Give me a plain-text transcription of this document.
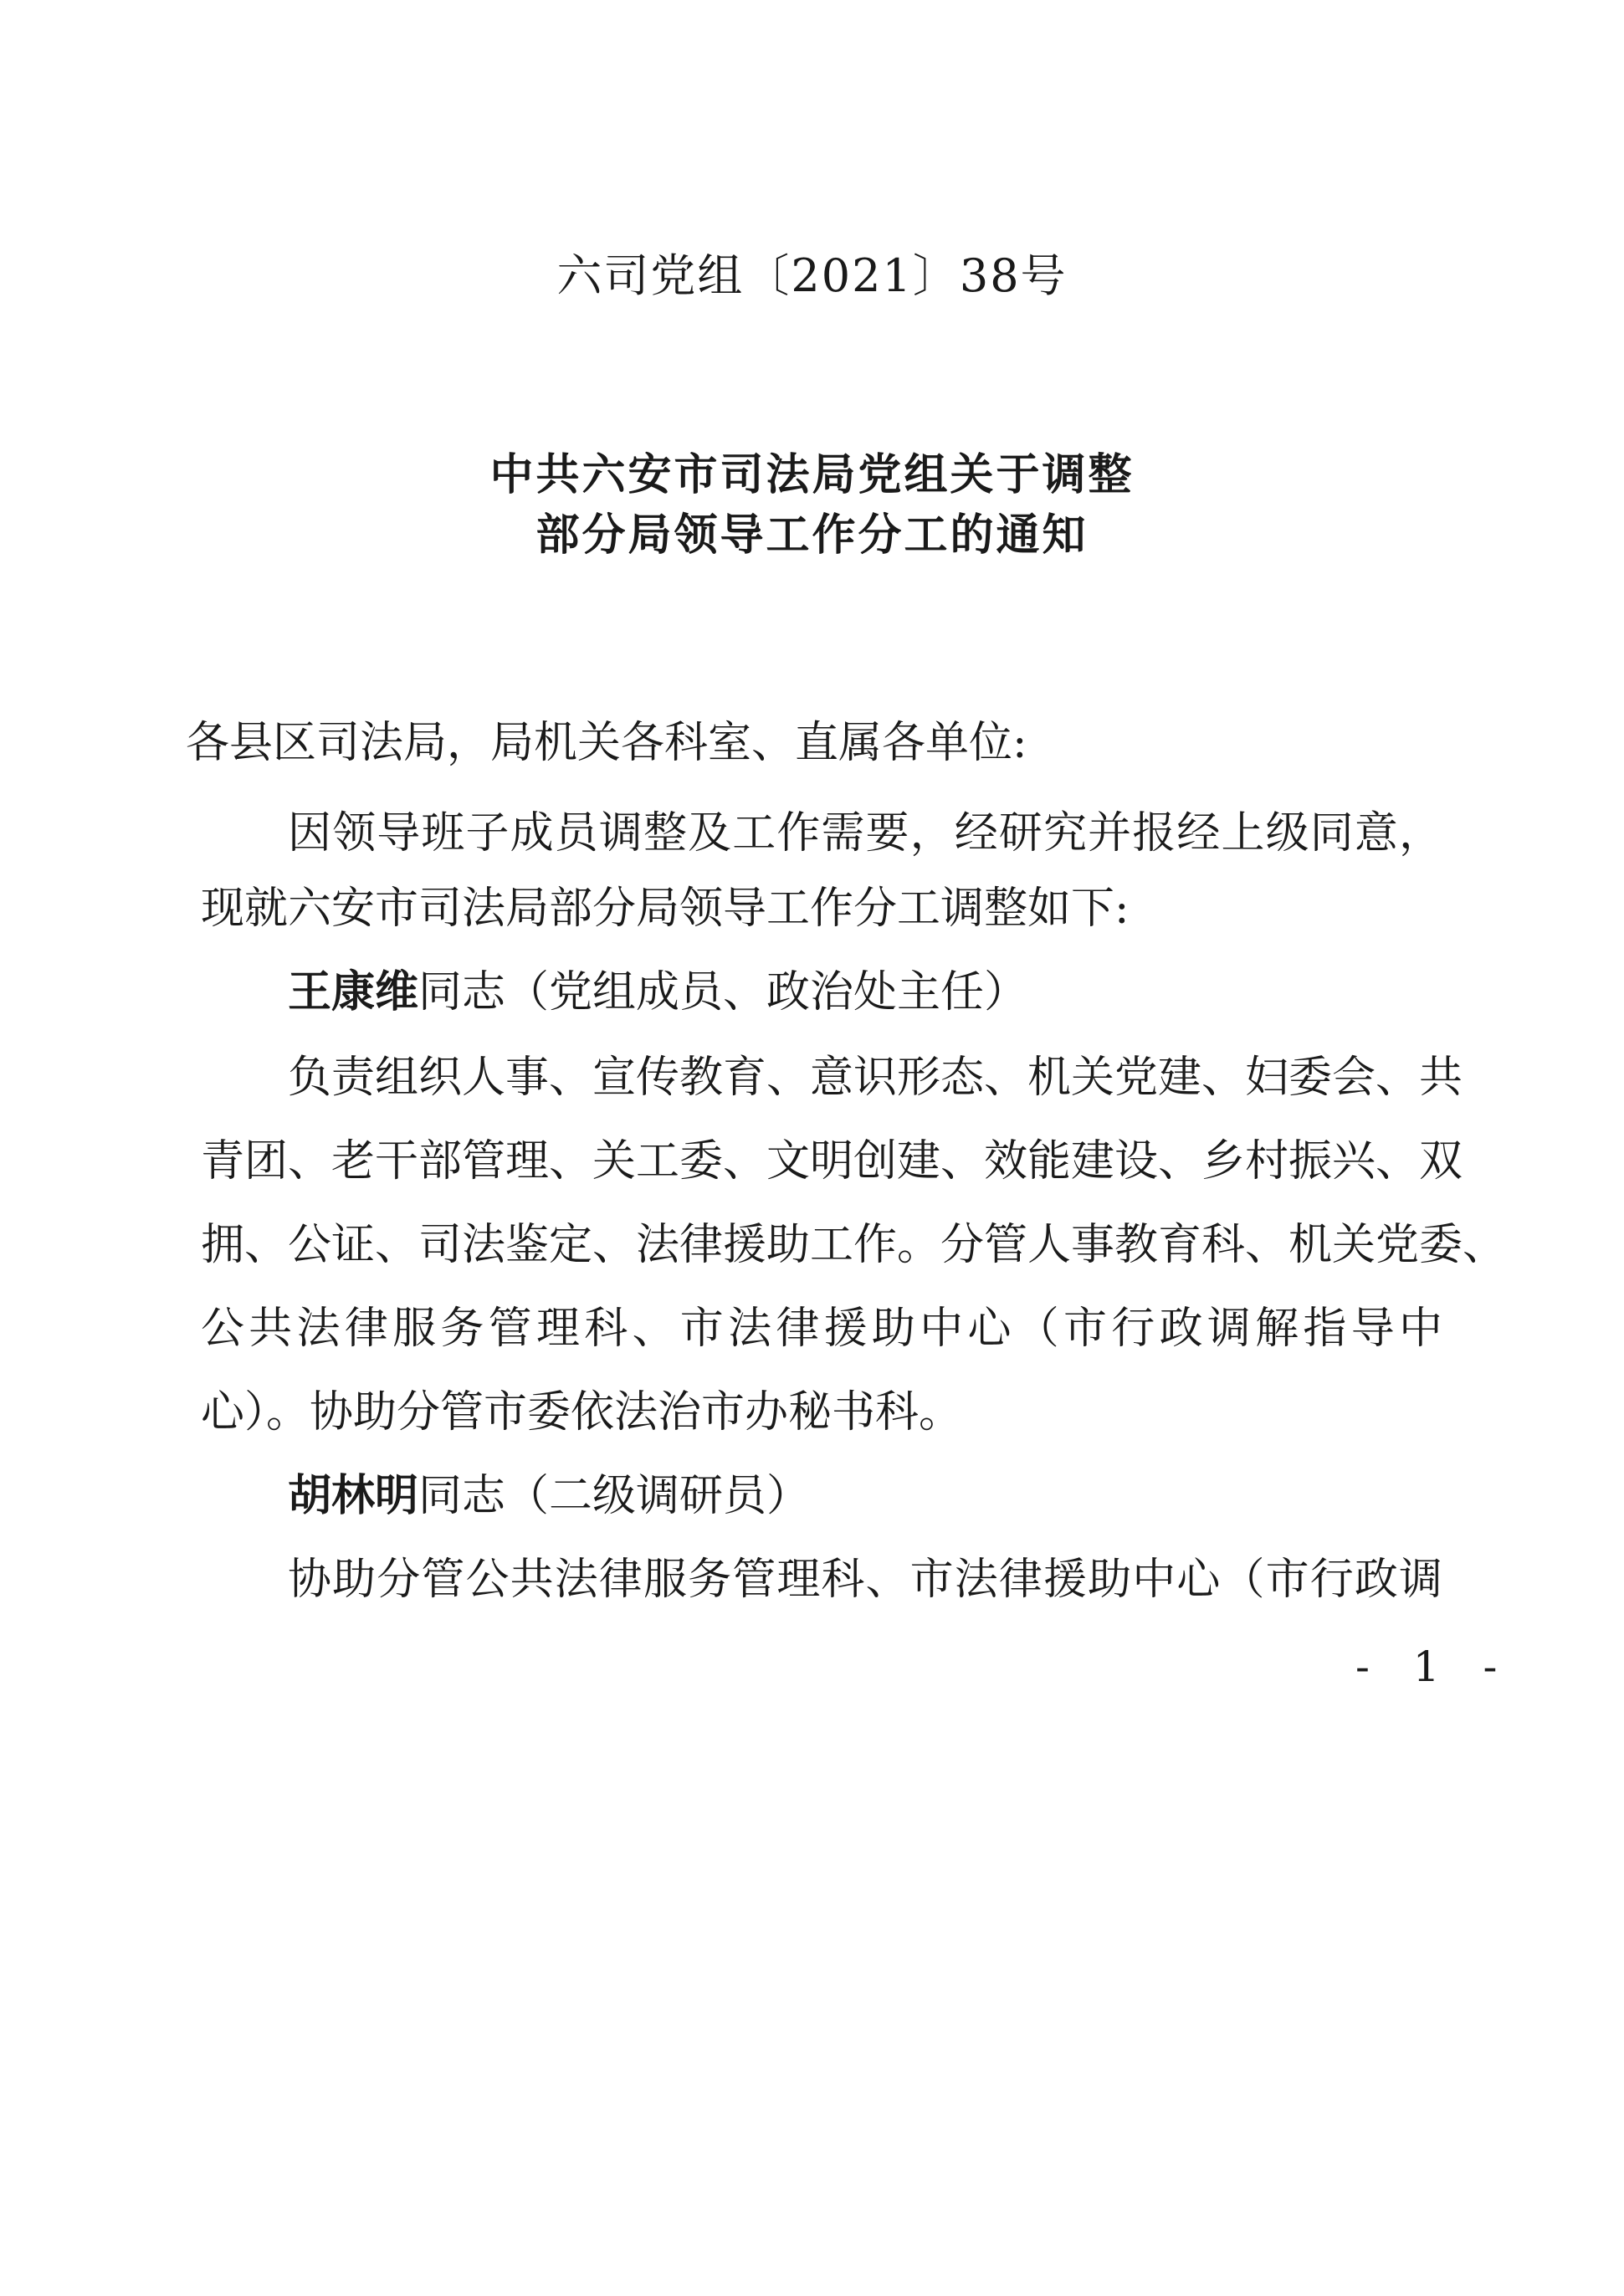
六司党组〔2021〕38号
中共六安市司法局党组关于调整
部分局领导工作分工的通知
各县区司法局，局机关各科室、直属各单位:
因领导班子成员调整及工作需要，经研究并报经上级同意，
现就六安市司法局部分局领导工作分工调整如下:
王康维同志（党组成员、政治处主任）
负责组织人事、宣传教育、意识形态、机关党建、妇委会、共
青团、老干部管理、关工委、文明创建、效能建设、乡村振兴、双
拥、公证、司法鉴定、法律援助工作。分管人事教育科、机关党委、
公共法律服务管理科、市法律援助中心（市行政调解指导中
心）。协助分管市委依法治市办秘书科。
胡林明同志（二级调研员）
协助分管公共法律服务管理科、市法律援助中心（市行政调
- 1 -
